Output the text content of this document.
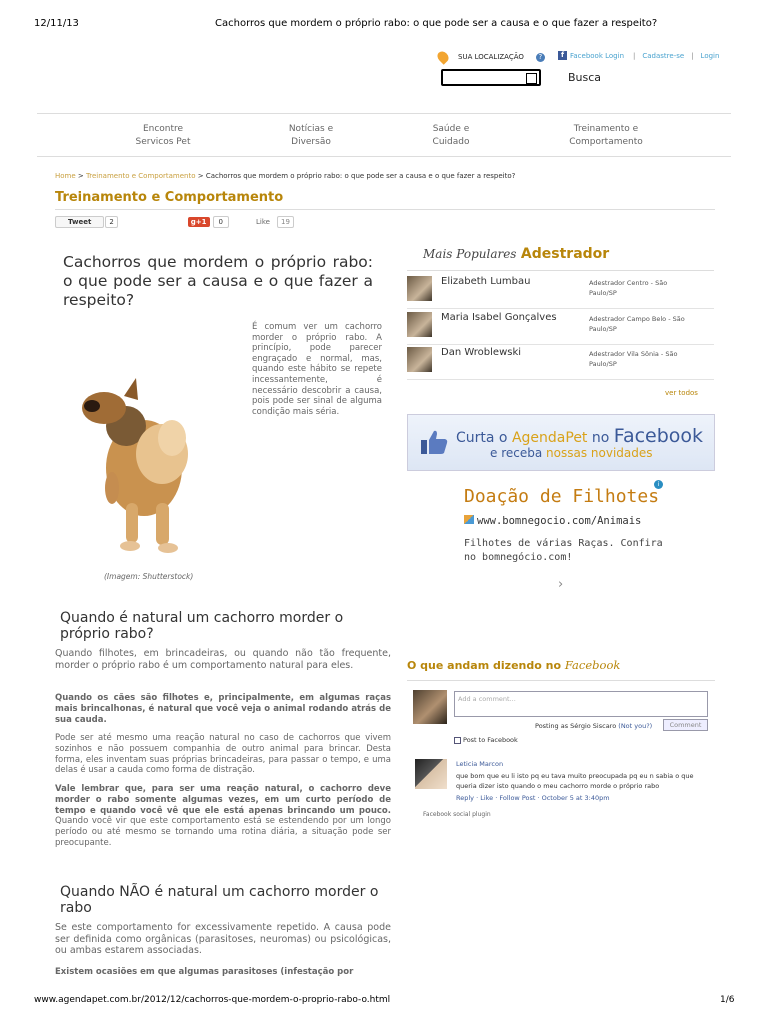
12/11/13	Cachorros que mordem o próprio rabo: o que pode ser a causa e o que fazer a respeito?
SUA LOCALIZAÇÃO	?	f Facebook Login | Cadastre-se | Login
Busca
Encontre
Servicos Pet
Notícias e
Diversão
Saúde e
Cuidado
Treinamento e
Comportamento
Home > Treinamento e Comportamento > Cachorros que mordem o próprio rabo: o que pode ser a causa e o que fazer a respeito?
Treinamento e Comportamento
Tweet	2	g+1	0	Like	19
Cachorros que mordem o próprio rabo: o que pode ser a causa e o que fazer a respeito?
É comum ver um cachorro morder o próprio rabo. A princípio, pode parecer engraçado e normal, mas, quando este hábito se repete incessantemente, é necessário descobrir a causa, pois pode ser sinal de alguma condição mais séria.
(Imagem: Shutterstock)
Quando é natural um cachorro morder o próprio rabo?

Quando filhotes, em brincadeiras, ou quando não tão frequente, morder o próprio rabo é um comportamento natural para eles.

Quando os cães são filhotes e, principalmente, em algumas raças mais brincalhonas, é natural que você veja o animal rodando atrás de sua cauda.

Pode ser até mesmo uma reação natural no caso de cachorros que vivem sozinhos e não possuem companhia de outro animal para brincar. Desta forma, eles inventam suas próprias brincadeiras, para passar o tempo, e uma delas é usar a cauda como forma de distração.

Vale lembrar que, para ser uma reação natural, o cachorro deve morder o rabo somente algumas vezes, em um curto período de tempo e quando você vê que ele está apenas brincando um pouco. Quando você vir que este comportamento está se estendendo por um longo período ou até mesmo se tornando uma rotina diária, a situação pode ser preocupante.

Quando NÃO é natural um cachorro morder o rabo

Se este comportamento for excessivamente repetido. A causa pode ser definida como orgânicas (parasitoses, neuromas) ou psicológicas, ou ambas estarem associadas.

Existem ocasiões em que algumas parasitoses (infestação por

Mais Populares Adestrador
Elizabeth Lumbau	Adestrador Centro - São Paulo/SP
Maria Isabel Gonçalves	Adestrador Campo Belo - São Paulo/SP
Dan Wroblewski	Adestrador Vila Sônia - São Paulo/SP
ver todos
Curta o AgendaPet no Facebook
e receba nossas novidades
i
Doação de Filhotes
www.bomnegocio.com/Animais
Filhotes de várias Raças. Confira no bomnegócio.com!
›
O que andam dizendo no Facebook
Add a comment...
Posting as Sérgio Siscaro (Not you?)	Comment
Post to Facebook
Leticia Marcon
que bom que eu li isto pq eu tava muito preocupada pq eu n sabia o que queria dizer isto quando o meu cachorro morde o próprio rabo
Reply · Like · Follow Post · October 5 at 3:40pm
Facebook social plugin
www.agendapet.com.br/2012/12/cachorros-que-mordem-o-proprio-rabo-o.html	1/6
